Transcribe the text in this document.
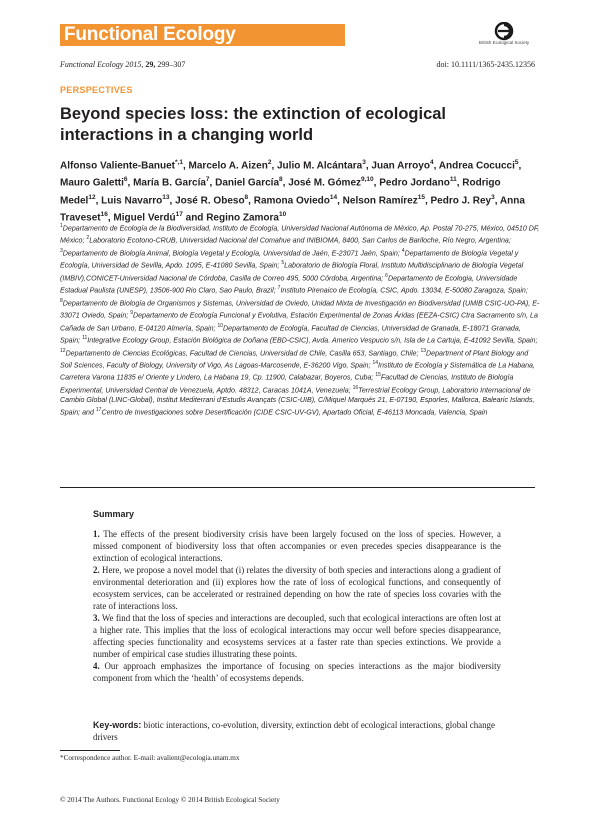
Functional Ecology	British Ecological Society
Functional Ecology 2015, 29, 299–307	doi: 10.1111/1365-2435.12356
PERSPECTIVES
Beyond species loss: the extinction of ecological interactions in a changing world
Alfonso Valiente-Banuet$^{*,1}$, Marcelo A. Aizen$^2$, Julio M. Alcántara$^3$, Juan Arroyo$^4$, Andrea Cocucci$^5$, Mauro Galetti$^6$, María B. García$^7$, Daniel García$^8$, José M. Gómez$^{9,10}$, Pedro Jordano$^{11}$, Rodrigo Medel$^{12}$, Luis Navarro$^{13}$, José R. Obeso$^8$, Ramona Oviedo$^{14}$, Nelson Ramírez$^{15}$, Pedro J. Rey$^3$, Anna Traveset$^{16}$, Miguel Verdú$^{17}$ and Regino Zamora$^{10}$
$^1$Departamento de Ecología de la Biodiversidad, Instituto de Ecología, Universidad Nacional Autónoma de México, Ap. Postal 70-275, México, 04510 DF, México; $^2$Laboratorio Ecotono-CRUB, Universidad Nacional del Comahue and INIBIOMA, 8400, San Carlos de Bariloche, Río Negro, Argentina; $^3$Departamento de Biología Animal, Biología Vegetal y Ecología, Universidad de Jaén, E-23071 Jaén, Spain; $^4$Departamento de Biología Vegetal y Ecología, Universidad de Sevilla, Apdo. 1095, E-41080 Sevilla, Spain; $^5$Laboratorio de Biología Floral, Instituto Multidisciplinario de Biología Vegetal (IMBIV),CONICET-Universidad Nacional de Córdoba, Casilla de Correo 495, 5000 Córdoba, Argentina; $^6$Departamento de Ecologia, Universidade Estadual Paulista (UNESP), 13506-900 Rio Claro, Sao Paulo, Brazil; $^7$Instituto Pirenaico de Ecología, CSIC, Apdo. 13034, E-50080 Zaragoza, Spain; $^8$Departamento de Biología de Organismos y Sistemas, Universidad de Oviedo, Unidad Mixta de Investigación en Biodiversidad (UMIB CSIC-UO-PA), E-33071 Oviedo, Spain; $^9$Departamento de Ecología Funcional y Evolutiva, Estación Experimental de Zonas Áridas (EEZA-CSIC) Ctra Sacramento s/n, La Cañada de San Urbano, E-04120 Almería, Spain; $^{10}$Departamento de Ecología, Facultad de Ciencias, Universidad de Granada, E-18071 Granada, Spain; $^{11}$Integrative Ecology Group, Estación Biológica de Doñana (EBD-CSIC), Avda. Americo Vespucio s/n, Isla de La Cartuja, E-41092 Sevilla, Spain; $^{12}$Departamento de Ciencias Ecológicas, Facultad de Ciencias, Universidad de Chile, Casilla 653, Santiago, Chile; $^{13}$Department of Plant Biology and Soil Sciences, Faculty of Biology, University of Vigo, As Lagoas-Marcosende, E-36200 Vigo, Spain; $^{14}$Instituto de Ecología y Sistemática de La Habana, Carretera Varona 11835 e/ Oriente y Lindero, La Habana 19, Cp. 11900, Calabazar, Boyeros, Cuba; $^{15}$Facultad de Ciencias, Instituto de Biología Experimental, Universidad Central de Venezuela, Aptdo. 48312, Caracas 1041A, Venezuela; $^{16}$Terrestrial Ecology Group, Laboratorio Internacional de Cambio Global (LINC-Global), Institut Mediterrani d'Estudis Avançats (CSIC-UIB), C/Miquel Marqués 21, E-07190, Esporles, Mallorca, Balearic Islands, Spain; and $^{17}$Centro de Investigaciones sobre Desertificación (CIDE CSIC-UV-GV), Apartado Oficial, E-46113 Moncada, Valencia, Spain
Summary

1. The effects of the present biodiversity crisis have been largely focused on the loss of species. However, a missed component of biodiversity loss that often accompanies or even precedes species disappearance is the extinction of ecological interactions.

2. Here, we propose a novel model that (i) relates the diversity of both species and interactions along a gradient of environmental deterioration and (ii) explores how the rate of loss of ecological functions, and consequently of ecosystem services, can be accelerated or restrained depending on how the rate of species loss covaries with the rate of interactions loss.

3. We find that the loss of species and interactions are decoupled, such that ecological interactions are often lost at a higher rate. This implies that the loss of ecological interactions may occur well before species disappearance, affecting species functionality and ecosystems services at a faster rate than species extinctions. We provide a number of empirical case studies illustrating these points.

4. Our approach emphasizes the importance of focusing on species interactions as the major biodiversity component from which the ‘health’ of ecosystems depends.

Key-words: biotic interactions, co-evolution, diversity, extinction debt of ecological interactions, global change drivers
*Correspondence author. E-mail: avalient@ecologia.unam.mx
© 2014 The Authors. Functional Ecology © 2014 British Ecological Society
